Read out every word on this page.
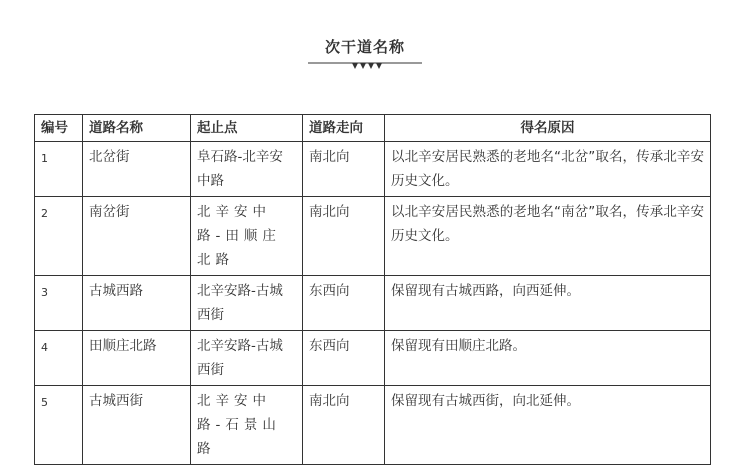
次干道名称
编号	道路名称	起止点	道路走向	得名原因
1	北岔街	阜石路-北辛安中路	南北向	以北辛安居民熟悉的老地名“北岔”取名，传承北辛安历史文化。
2	南岔街	北辛安中路-田顺庄北路	南北向	以北辛安居民熟悉的老地名“南岔”取名，传承北辛安历史文化。
3	古城西路	北辛安路-古城西街	东西向	保留现有古城西路，向西延伸。
4	田顺庄北路	北辛安路-古城西街	东西向	保留现有田顺庄北路。
5	古城西街	北辛安中路-石景山路	南北向	保留现有古城西街，向北延伸。
